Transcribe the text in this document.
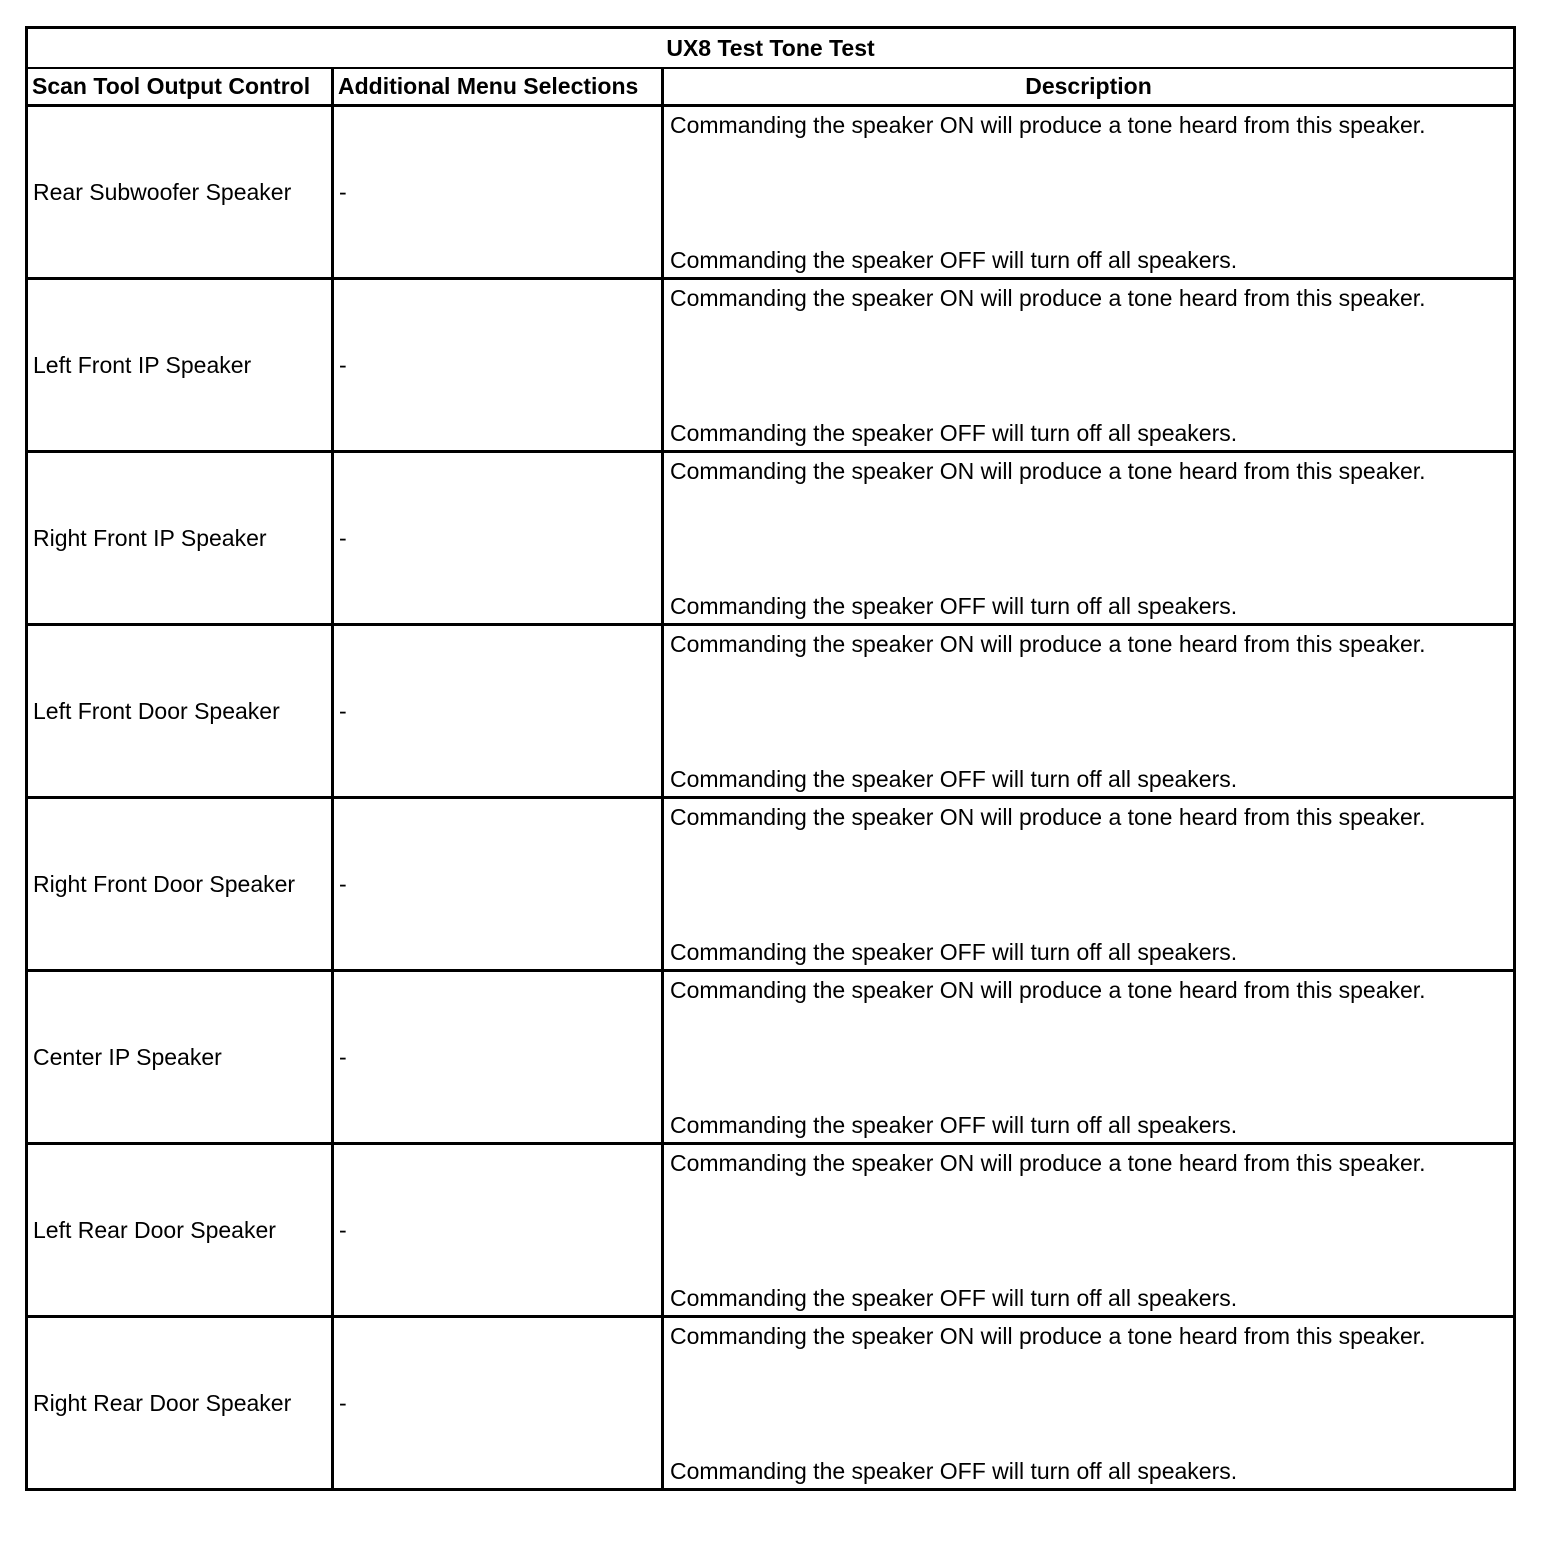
UX8 Test Tone Test		
Scan Tool Output Control	Additional Menu Selections	Description
Rear Subwoofer Speaker	-	Commanding the speaker ON will produce a tone heard from this speaker.
Commanding the speaker OFF will turn off all speakers.

Left Front IP Speaker	-	Commanding the speaker ON will produce a tone heard from this speaker.
Commanding the speaker OFF will turn off all speakers.

Right Front IP Speaker	-	Commanding the speaker ON will produce a tone heard from this speaker.
Commanding the speaker OFF will turn off all speakers.

Left Front Door Speaker	-	Commanding the speaker ON will produce a tone heard from this speaker.
Commanding the speaker OFF will turn off all speakers.

Right Front Door Speaker	-	Commanding the speaker ON will produce a tone heard from this speaker.
Commanding the speaker OFF will turn off all speakers.

Center IP Speaker	-	Commanding the speaker ON will produce a tone heard from this speaker.
Commanding the speaker OFF will turn off all speakers.

Left Rear Door Speaker	-	Commanding the speaker ON will produce a tone heard from this speaker.
Commanding the speaker OFF will turn off all speakers.

Right Rear Door Speaker	-	Commanding the speaker ON will produce a tone heard from this speaker.
Commanding the speaker OFF will turn off all speakers.
